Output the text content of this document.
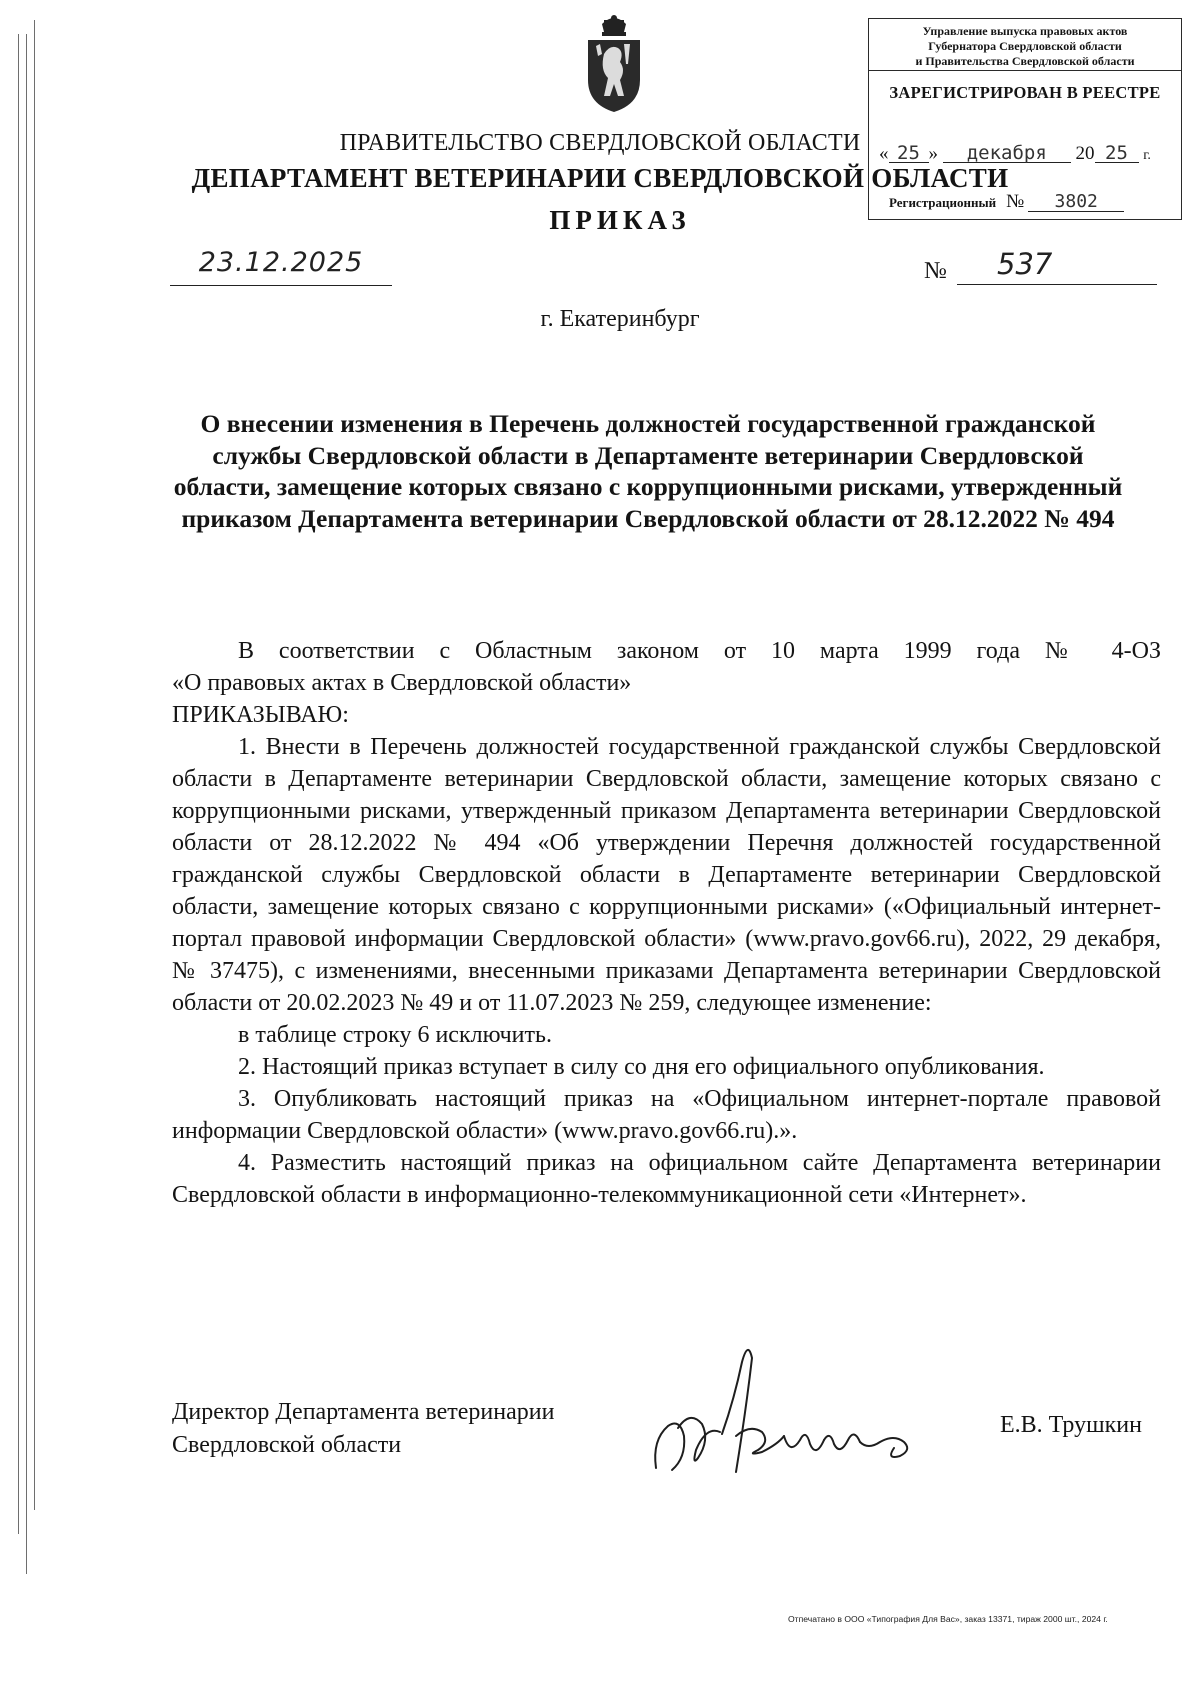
Управление выпуска правовых актов
Губернатора Свердловской области
и Правительства Свердловской области
ЗАРЕГИСТРИРОВАН В РЕЕСТРЕ
« 25 » декабря 20 25 г.
Регистрационный № 3802
ПРАВИТЕЛЬСТВО СВЕРДЛОВСКОЙ ОБЛАСТИ
ДЕПАРТАМЕНТ ВЕТЕРИНАРИИ СВЕРДЛОВСКОЙ ОБЛАСТИ
ПРИКАЗ
23.12.2025	№	537
г. Екатеринбург
О внесении изменения в Перечень должностей государственной гражданской службы Свердловской области в Департаменте ветеринарии Свердловской области, замещение которых связано с коррупционными рисками, утвержденный приказом Департамента ветеринарии Свердловской области от 28.12.2022 № 494

В соответствии с Областным законом от 10 марта 1999 года № 4-ОЗ

«О правовых актах в Свердловской области»

ПРИКАЗЫВАЮ:

1. Внести в Перечень должностей государственной гражданской службы Свердловской области в Департаменте ветеринарии Свердловской области, замещение которых связано с коррупционными рисками, утвержденный приказом Департамента ветеринарии Свердловской области от 28.12.2022 № 494 «Об утверждении Перечня должностей государственной гражданской службы Свердловской области в Департаменте ветеринарии Свердловской области, замещение которых связано с коррупционными рисками» («Официальный интернет-портал правовой информации Свердловской области» (www.pravo.gov66.ru), 2022, 29 декабря, № 37475), с изменениями, внесенными приказами Департамента ветеринарии Свердловской области от 20.02.2023 № 49 и от 11.07.2023 № 259, следующее изменение:

в таблице строку 6 исключить.

2. Настоящий приказ вступает в силу со дня его официального опубликования.

3. Опубликовать настоящий приказ на «Официальном интернет-портале правовой информации Свердловской области» (www.pravo.gov66.ru).».

4. Разместить настоящий приказ на официальном сайте Департамента ветеринарии Свердловской области в информационно-телекоммуникационной сети «Интернет».

Директор Департамента ветеринарии
Свердловской области
Е.В. Трушкин
Отпечатано в ООО «Типография Для Вас», заказ 13371, тираж 2000 шт., 2024 г.
